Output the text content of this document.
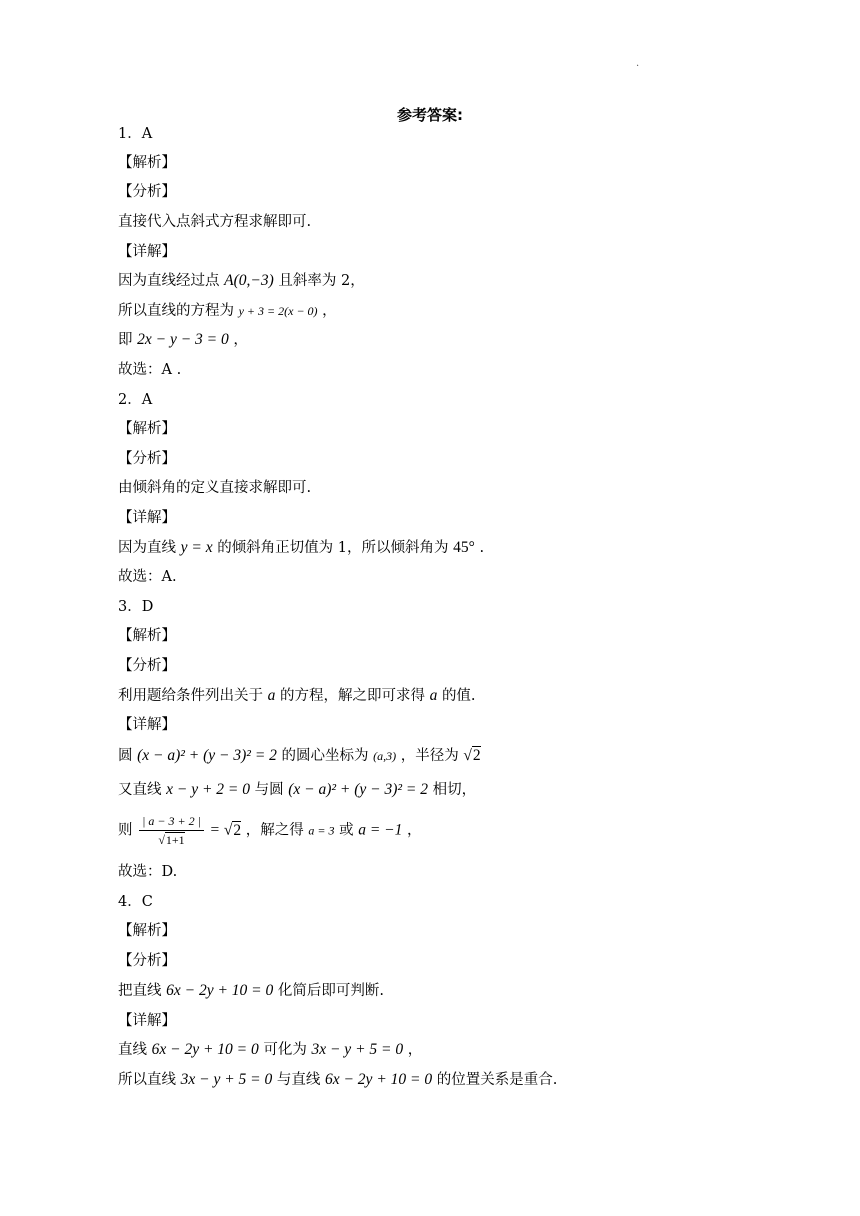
.
参考答案:
1．A
【解析】
【分析】
直接代入点斜式方程求解即可.
【详解】
因为直线经过点 A(0,−3) 且斜率为 2，
所以直线的方程为 y + 3 = 2(x − 0) ，
即 2x − y − 3 = 0 ，
故选：A .
2．A
【解析】
【分析】
由倾斜角的定义直接求解即可.
【详解】
因为直线 y = x 的倾斜角正切值为 1，所以倾斜角为 45° .
故选：A.
3．D
【解析】
【分析】
利用题给条件列出关于 a 的方程，解之即可求得 a 的值.
【详解】
圆 (x − a)² + (y − 3)² = 2 的圆心坐标为 (a,3) ，半径为 √2
又直线 x − y + 2 = 0 与圆 (x − a)² + (y − 3)² = 2 相切，
则 $\frac{| a - 3 + 2 |}{√1+1} = √2$ ，解之得 a = 3 或 a = −1 ，
故选：D.
4．C
【解析】
【分析】
把直线 6x − 2y + 10 = 0 化简后即可判断.
【详解】
直线 6x − 2y + 10 = 0 可化为 3x − y + 5 = 0 ，
所以直线 3x − y + 5 = 0 与直线 6x − 2y + 10 = 0 的位置关系是重合.
